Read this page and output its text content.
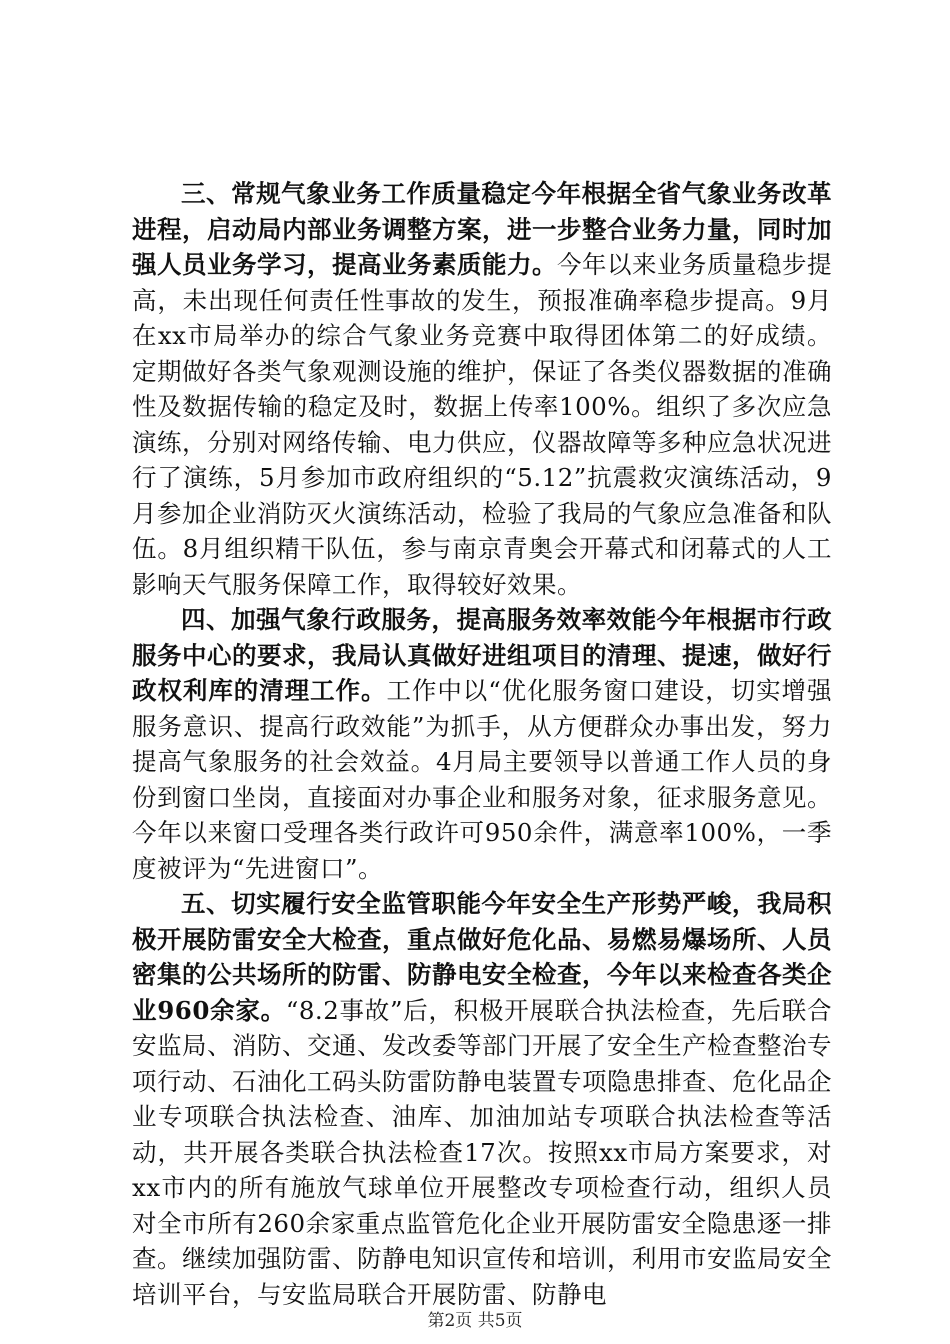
三、常规气象业务工作质量稳定今年根据全省气象业务改革进程，启动局内部业务调整方案，进一步整合业务力量，同时加强人员业务学习，提高业务素质能力。今年以来业务质量稳步提高，未出现任何责任性事故的发生，预报准确率稳步提高。9月在xx市局举办的综合气象业务竞赛中取得团体第二的好成绩。定期做好各类气象观测设施的维护，保证了各类仪器数据的准确性及数据传输的稳定及时，数据上传率100%。组织了多次应急演练，分别对网络传输、电力供应，仪器故障等多种应急状况进行了演练，5月参加市政府组织的“5.12”抗震救灾演练活动，9月参加企业消防灭火演练活动，检验了我局的气象应急准备和队伍。8月组织精干队伍，参与南京青奥会开幕式和闭幕式的人工影响天气服务保障工作，取得较好效果。

四、加强气象行政服务，提高服务效率效能今年根据市行政服务中心的要求，我局认真做好进组项目的清理、提速，做好行政权利库的清理工作。工作中以“优化服务窗口建设，切实增强服务意识、提高行政效能”为抓手，从方便群众办事出发，努力提高气象服务的社会效益。4月局主要领导以普通工作人员的身份到窗口坐岗，直接面对办事企业和服务对象，征求服务意见。今年以来窗口受理各类行政许可950余件，满意率100%，一季度被评为“先进窗口”。

五、切实履行安全监管职能今年安全生产形势严峻，我局积极开展防雷安全大检查，重点做好危化品、易燃易爆场所、人员密集的公共场所的防雷、防静电安全检查，今年以来检查各类企业960余家。“8.2事故”后，积极开展联合执法检查，先后联合安监局、消防、交通、发改委等部门开展了安全生产检查整治专项行动、石油化工码头防雷防静电装置专项隐患排查、危化品企业专项联合执法检查、油库、加油加站专项联合执法检查等活动，共开展各类联合执法检查17次。按照xx市局方案要求，对xx市内的所有施放气球单位开展整改专项检查行动，组织人员对全市所有260余家重点监管危化企业开展防雷安全隐患逐一排查。继续加强防雷、防静电知识宣传和培训，利用市安监局安全培训平台，与安监局联合开展防雷、防静电

第2页 共5页
